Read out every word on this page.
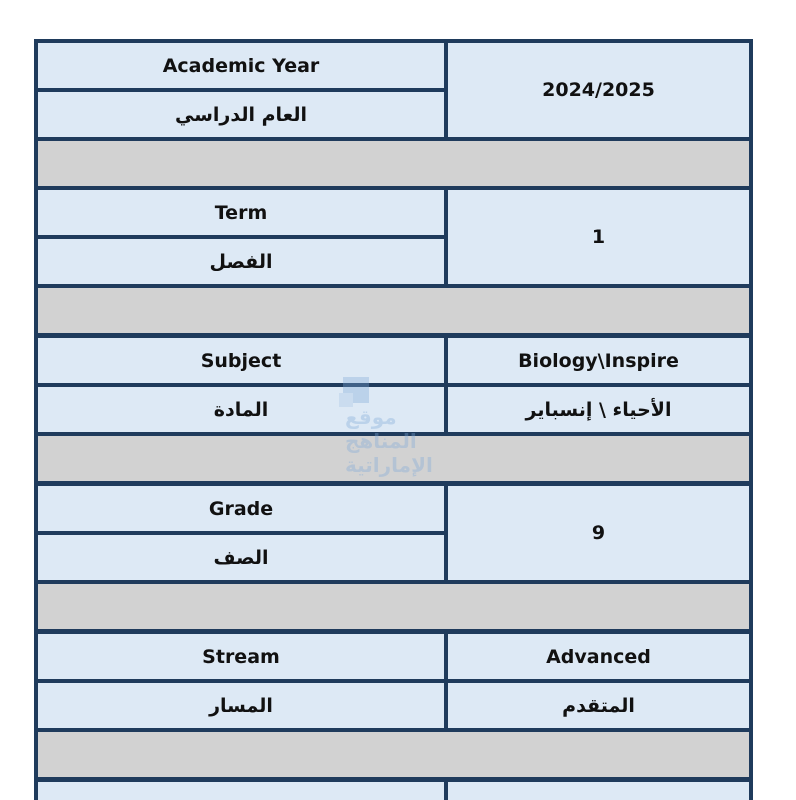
Academic Year
العام الدراسي
2024/2025
Term
الفصل
1
Subject
المادة
Biology\Inspire
الأحياء \ إنسباير
Grade
الصف
9
Stream
المسار
Advanced
المتقدم
موقع المناهج الإماراتية
